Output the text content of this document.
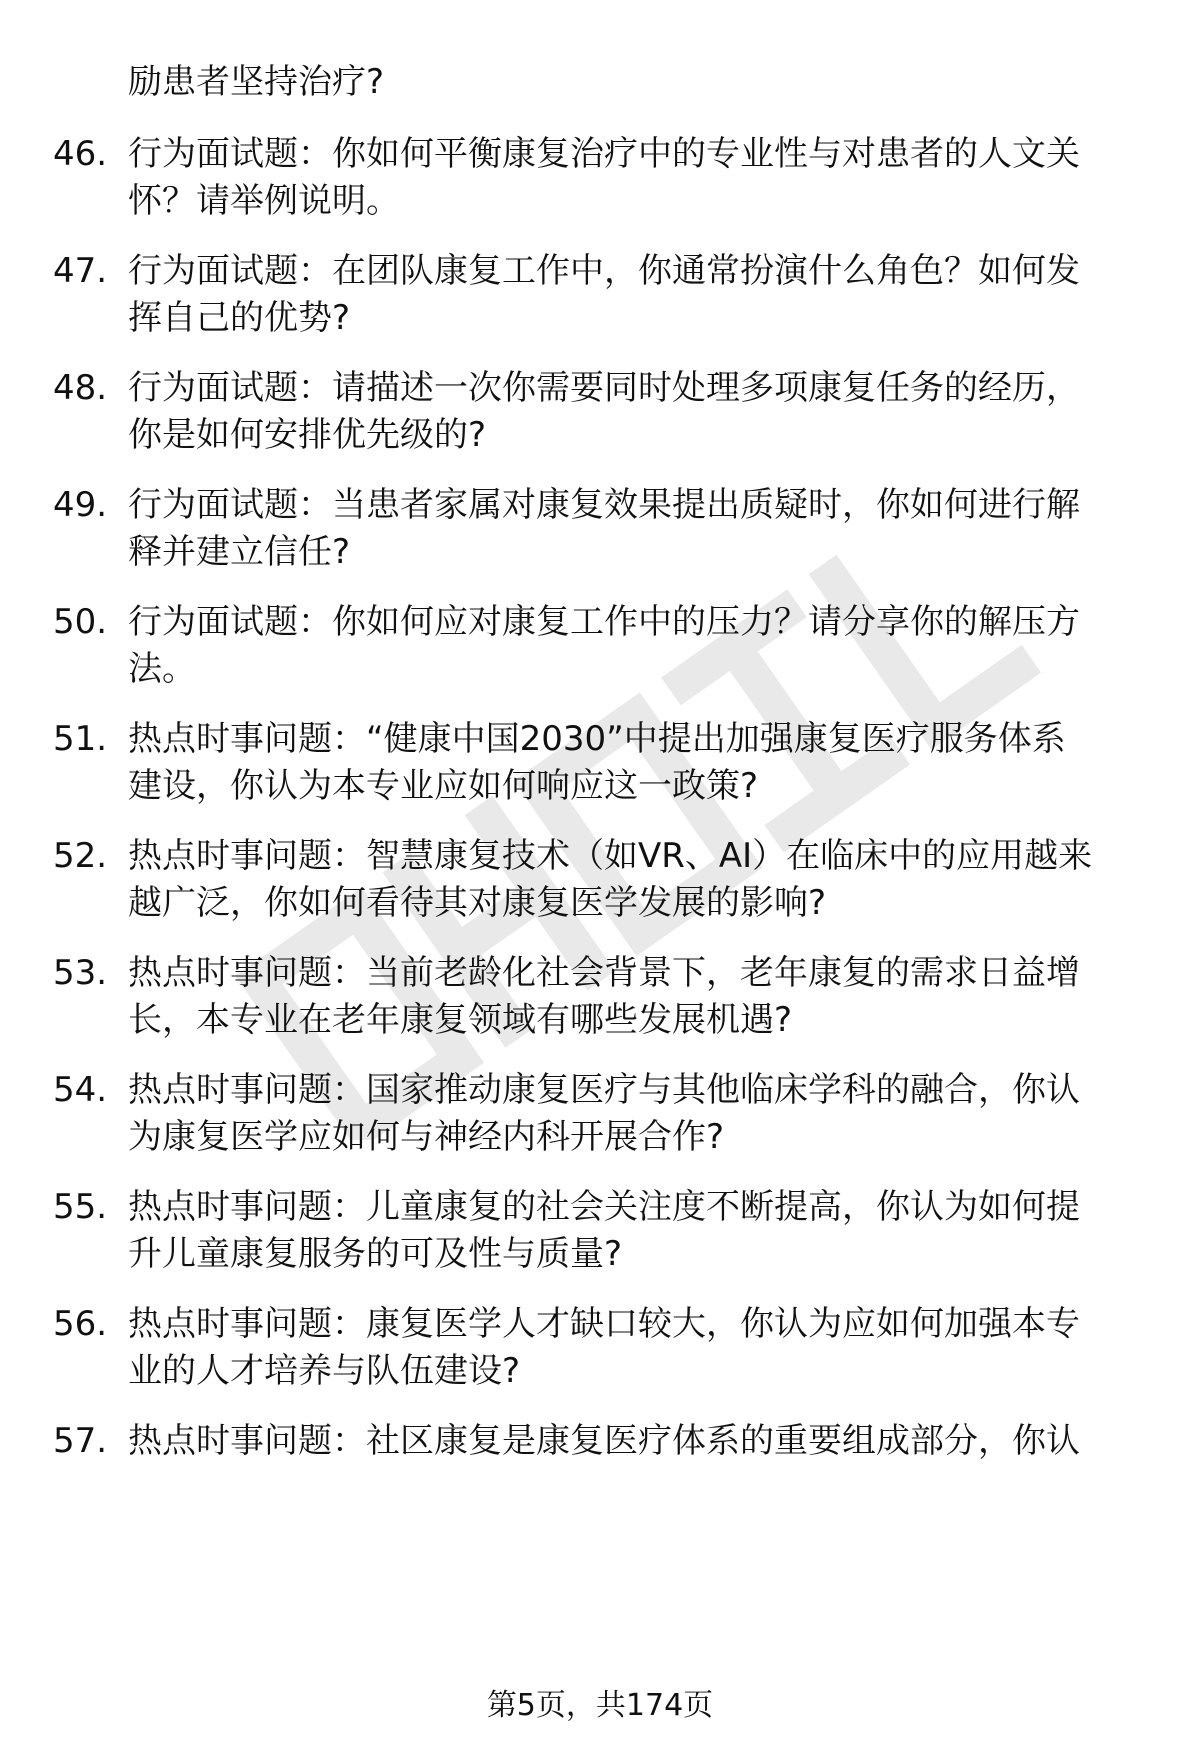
励患者坚持治疗?
46. 行为面试题：你如何平衡康复治疗中的专业性与对患者的人文关
怀？请举例说明。
47. 行为面试题：在团队康复工作中，你通常扮演什么角色？如何发
挥自己的优势?
48. 行为面试题：请描述一次你需要同时处理多项康复任务的经历，
你是如何安排优先级的?
49. 行为面试题：当患者家属对康复效果提出质疑时，你如何进行解
释并建立信任?
50. 行为面试题：你如何应对康复工作中的压力？请分享你的解压方
法。
51. 热点时事问题：“健康中国2030”中提出加强康复医疗服务体系
建设，你认为本专业应如何响应这一政策?
52. 热点时事问题：智慧康复技术（如VR、AI）在临床中的应用越来
越广泛，你如何看待其对康复医学发展的影响?
53. 热点时事问题：当前老龄化社会背景下，老年康复的需求日益增
长，本专业在老年康复领域有哪些发展机遇?
54. 热点时事问题：国家推动康复医疗与其他临床学科的融合，你认
为康复医学应如何与神经内科开展合作?
55. 热点时事问题：儿童康复的社会关注度不断提高，你认为如何提
升儿童康复服务的可及性与质量?
56. 热点时事问题：康复医学人才缺口较大，你认为应如何加强本专
业的人才培养与队伍建设?
57. 热点时事问题：社区康复是康复医疗体系的重要组成部分，你认
第5页，共174页
